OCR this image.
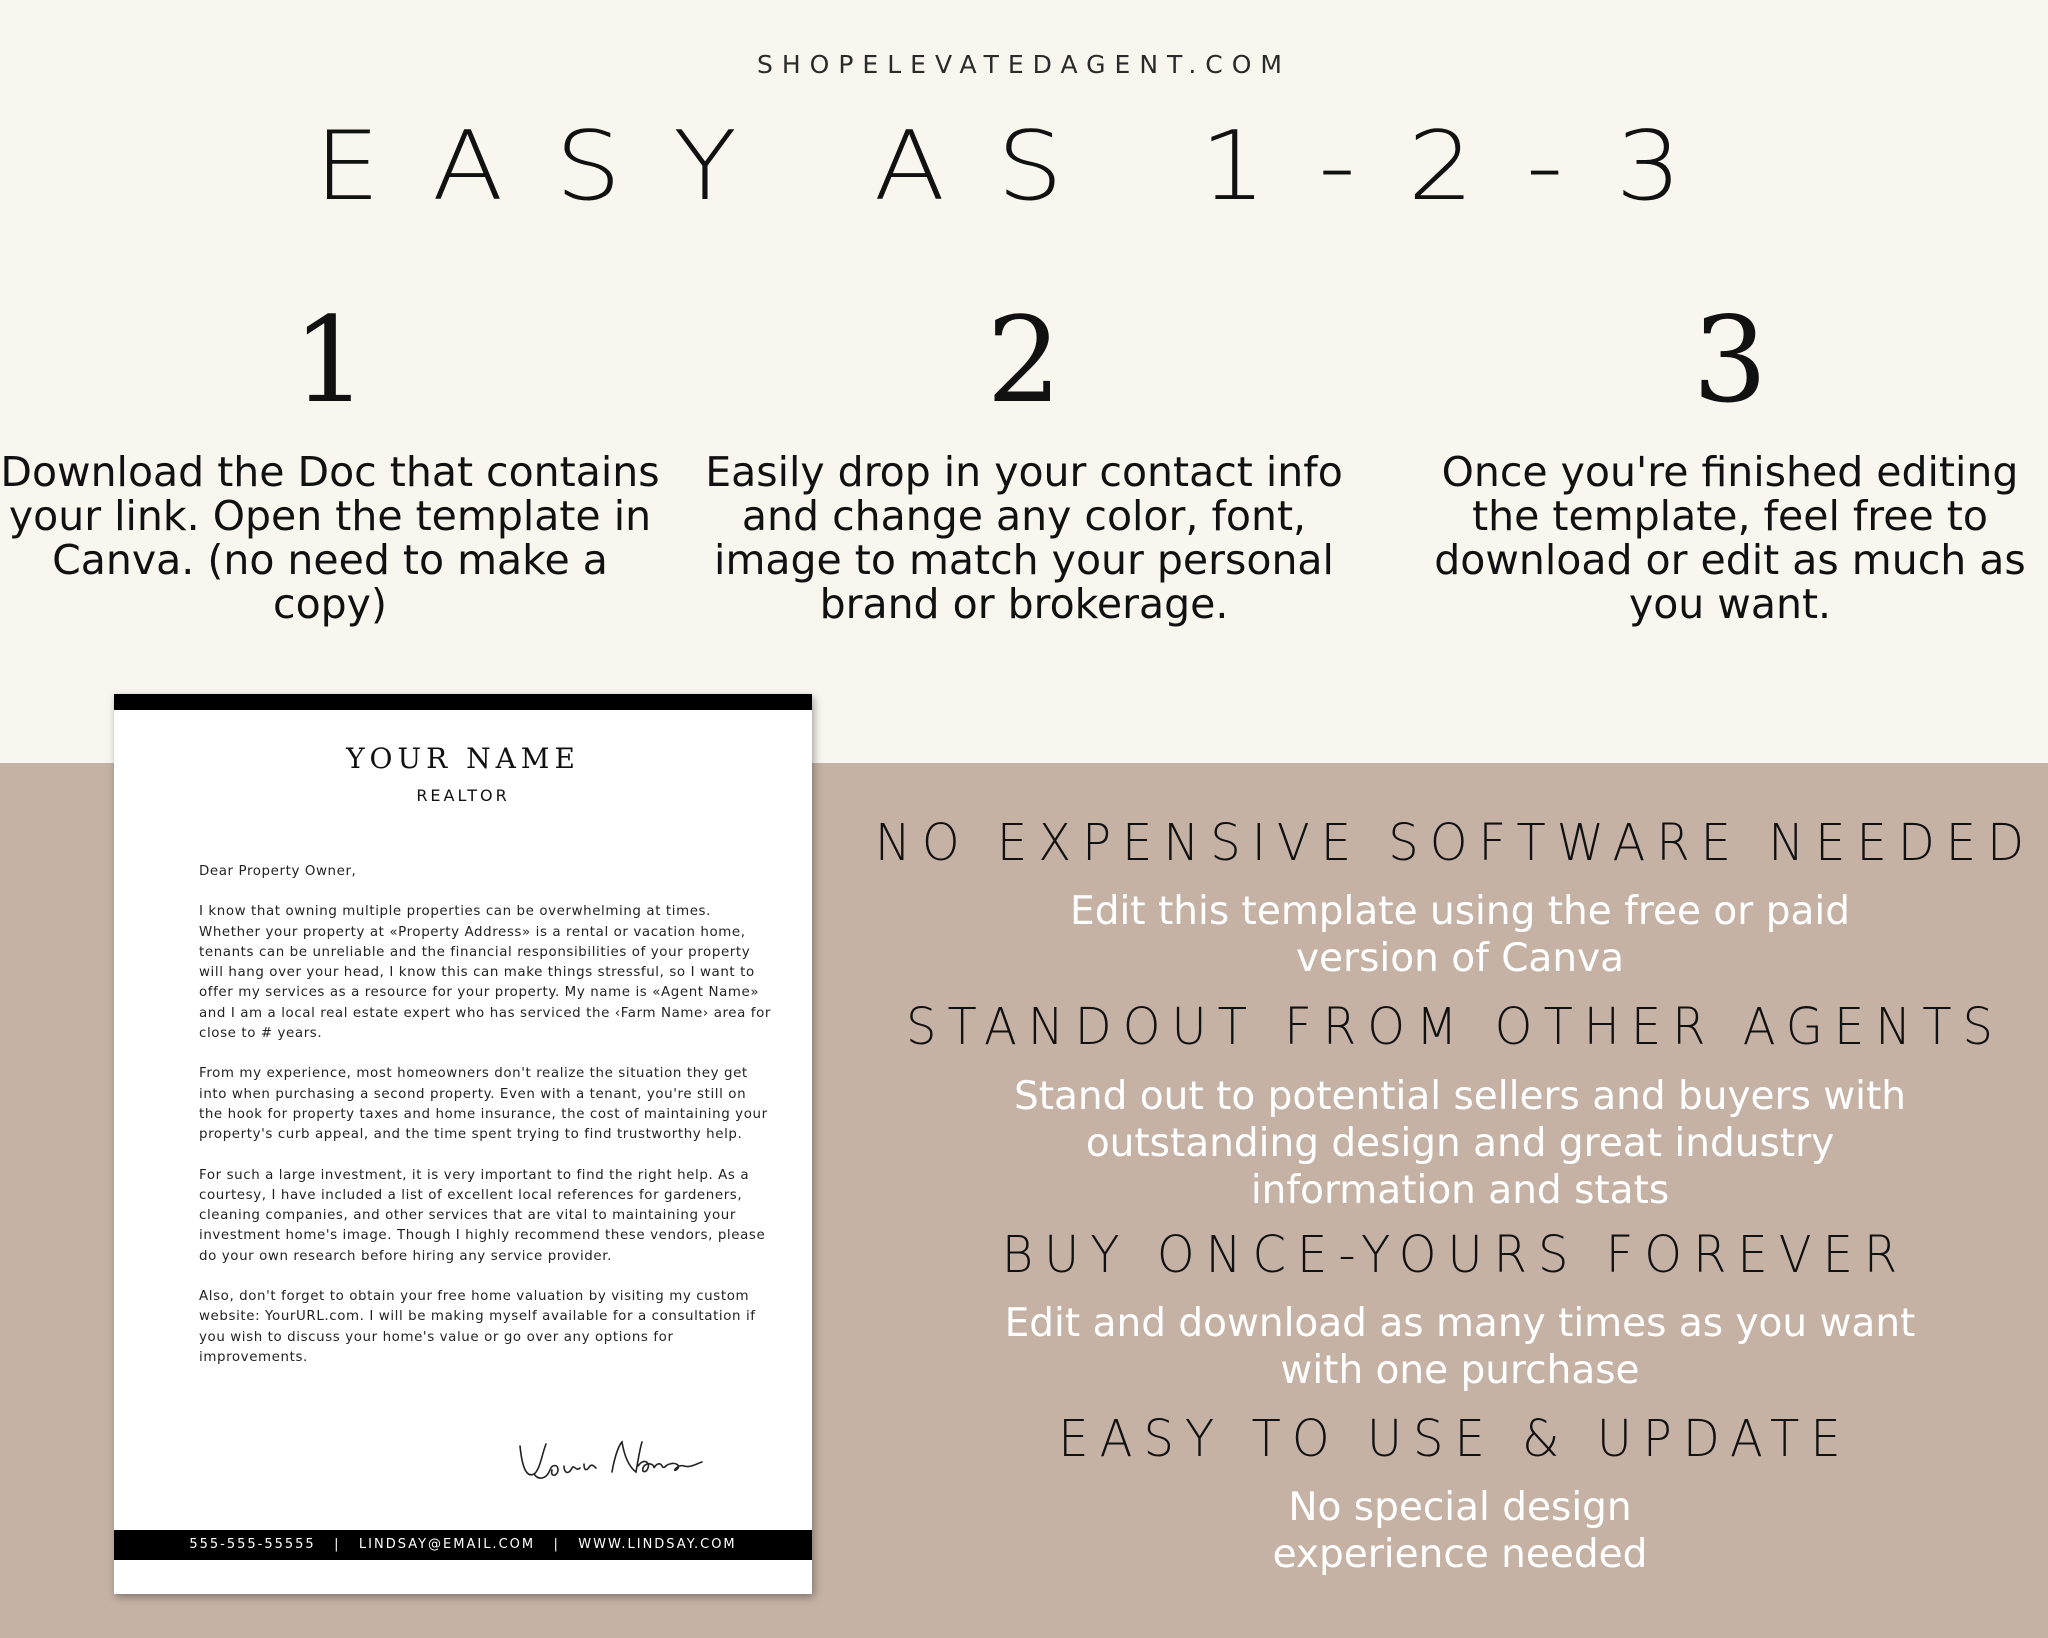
SHOPELEVATEDAGENT.COM
EASY AS 1-2-3
1
Download the Doc that contains your link. Open the template in Canva. (no need to make a copy)
2
Easily drop in your contact info and change any color, font, image to match your personal brand or brokerage.
3
Once you're finished editing the template, feel free to download or edit as much as you want.
YOUR NAME
REALTOR

Dear Property Owner,

I know that owning multiple properties can be overwhelming at times. Whether your property at «Property Address» is a rental or vacation home, tenants can be unreliable and the financial responsibilities of your property will hang over your head, I know this can make things stressful, so I want to offer my services as a resource for your property. My name is «Agent Name» and I am a local real estate expert who has serviced the ‹Farm Name› area for close to # years.

From my experience, most homeowners don't realize the situation they get into when purchasing a second property. Even with a tenant, you're still on the hook for property taxes and home insurance, the cost of maintaining your property's curb appeal, and the time spent trying to find trustworthy help.

For such a large investment, it is very important to find the right help. As a courtesy, I have included a list of excellent local references for gardeners, cleaning companies, and other services that are vital to maintaining your investment home's image. Though I highly recommend these vendors, please do your own research before hiring any service provider.

Also, don't forget to obtain your free home valuation by visiting my custom website: YourURL.com. I will be making myself available for a consultation if you wish to discuss your home's value or go over any options for improvements.

555-555-55555 | LINDSAY@EMAIL.COM | WWW.LINDSAY.COM
NO EXPENSIVE SOFTWARE NEEDED
Edit this template using the free or paid version of Canva
STANDOUT FROM OTHER AGENTS
Stand out to potential sellers and buyers with outstanding design and great industry information and stats
BUY ONCE-YOURS FOREVER
Edit and download as many times as you want with one purchase
EASY TO USE & UPDATE
No special design experience needed
